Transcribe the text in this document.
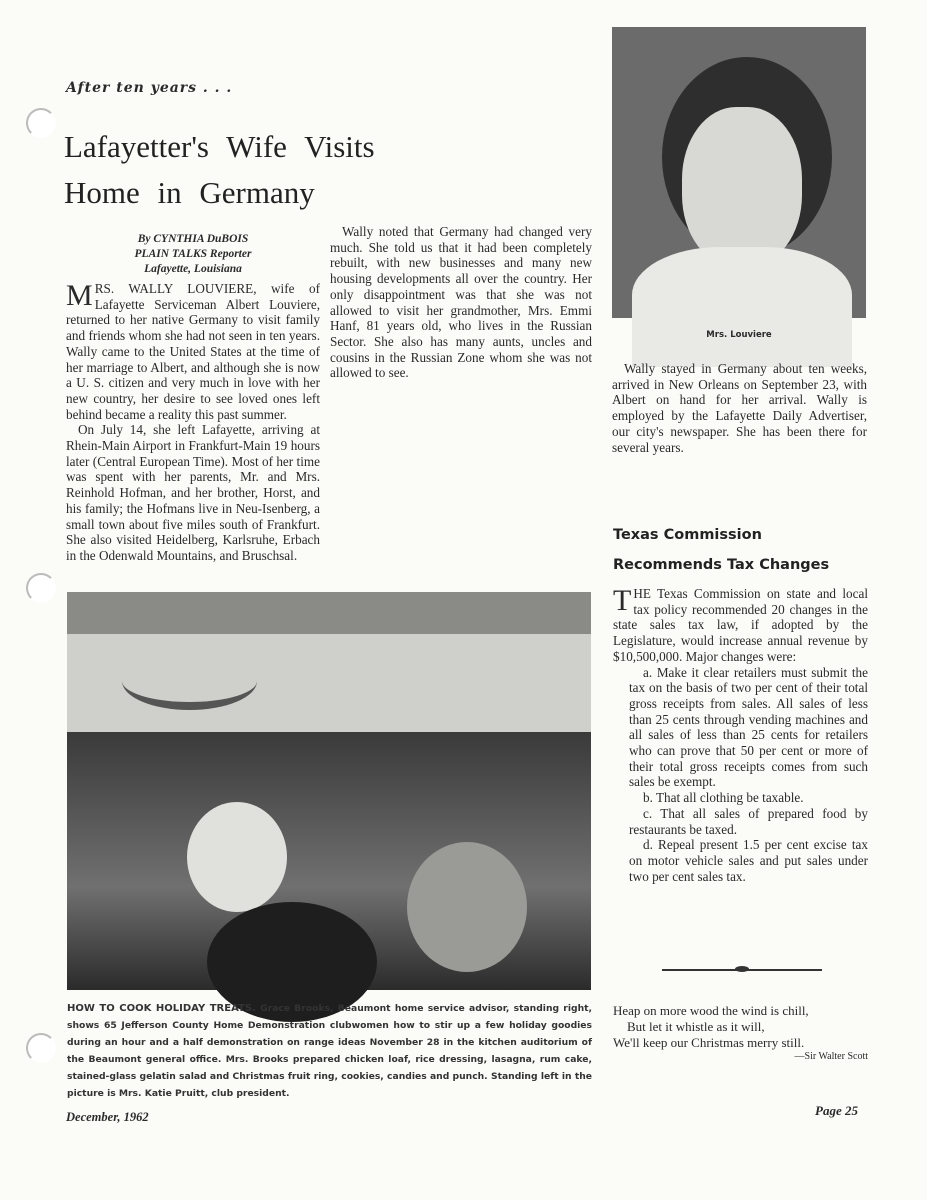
After ten years . . .
Lafayetter's Wife Visits
Home in Germany
By CYNTHIA DuBOIS
PLAIN TALKS Reporter
Lafayette, Louisiana

MRS. WALLY LOUVIERE, wife of Lafayette Serviceman Albert Louviere, returned to her native Germany to visit family and friends whom she had not seen in ten years. Wally came to the United States at the time of her marriage to Albert, and although she is now a U. S. citizen and very much in love with her new country, her desire to see loved ones left behind became a reality this past summer.

On July 14, she left Lafayette, arriving at Rhein-Main Airport in Frankfurt-Main 19 hours later (Central European Time). Most of her time was spent with her parents, Mr. and Mrs. Reinhold Hofman, and her brother, Horst, and his family; the Hofmans live in Neu-Isenberg, a small town about five miles south of Frankfurt. She also visited Heidelberg, Karlsruhe, Erbach in the Odenwald Mountains, and Bruschsal.

Wally noted that Germany had changed very much. She told us that it had been completely rebuilt, with new businesses and many new housing developments all over the country. Her only disappointment was that she was not allowed to visit her grandmother, Mrs. Emmi Hanf, 81 years old, who lives in the Russian Sector. She also has many aunts, uncles and cousins in the Russian Zone whom she was not allowed to see.

Mrs. Louviere

Wally stayed in Germany about ten weeks, arrived in New Orleans on September 23, with Albert on hand for her arrival. Wally is employed by the Lafayette Daily Advertiser, our city's newspaper. She has been there for several years.

Texas Commission
Recommends Tax Changes

THE Texas Commission on state and local tax policy recommended 20 changes in the state sales tax law, if adopted by the Legislature, would increase annual revenue by $10,500,000. Major changes were:

a. Make it clear retailers must submit the tax on the basis of two per cent of their total gross receipts from sales. All sales of less than 25 cents through vending machines and all sales of less than 25 cents for retailers who can prove that 50 per cent or more of their total gross receipts comes from such sales be exempt.

b. That all clothing be taxable.

c. That all sales of prepared food by restaurants be taxed.

d. Repeal present 1.5 per cent excise tax on motor vehicle sales and put sales under two per cent sales tax.

Heap on more wood the wind is chill,
But let it whistle as it will,
We'll keep our Christmas merry still.
—Sir Walter Scott
HOW TO COOK HOLIDAY TREATS. Grace Brooks, Beaumont home service advisor, standing right, shows 65 Jefferson County Home Demonstration clubwomen how to stir up a few holiday goodies during an hour and a half demonstration on range ideas November 28 in the kitchen auditorium of the Beaumont general office. Mrs. Brooks prepared chicken loaf, rice dressing, lasagna, rum cake, stained-glass gelatin salad and Christmas fruit ring, cookies, candies and punch. Standing left in the picture is Mrs. Katie Pruitt, club president.
December, 1962	Page 25
